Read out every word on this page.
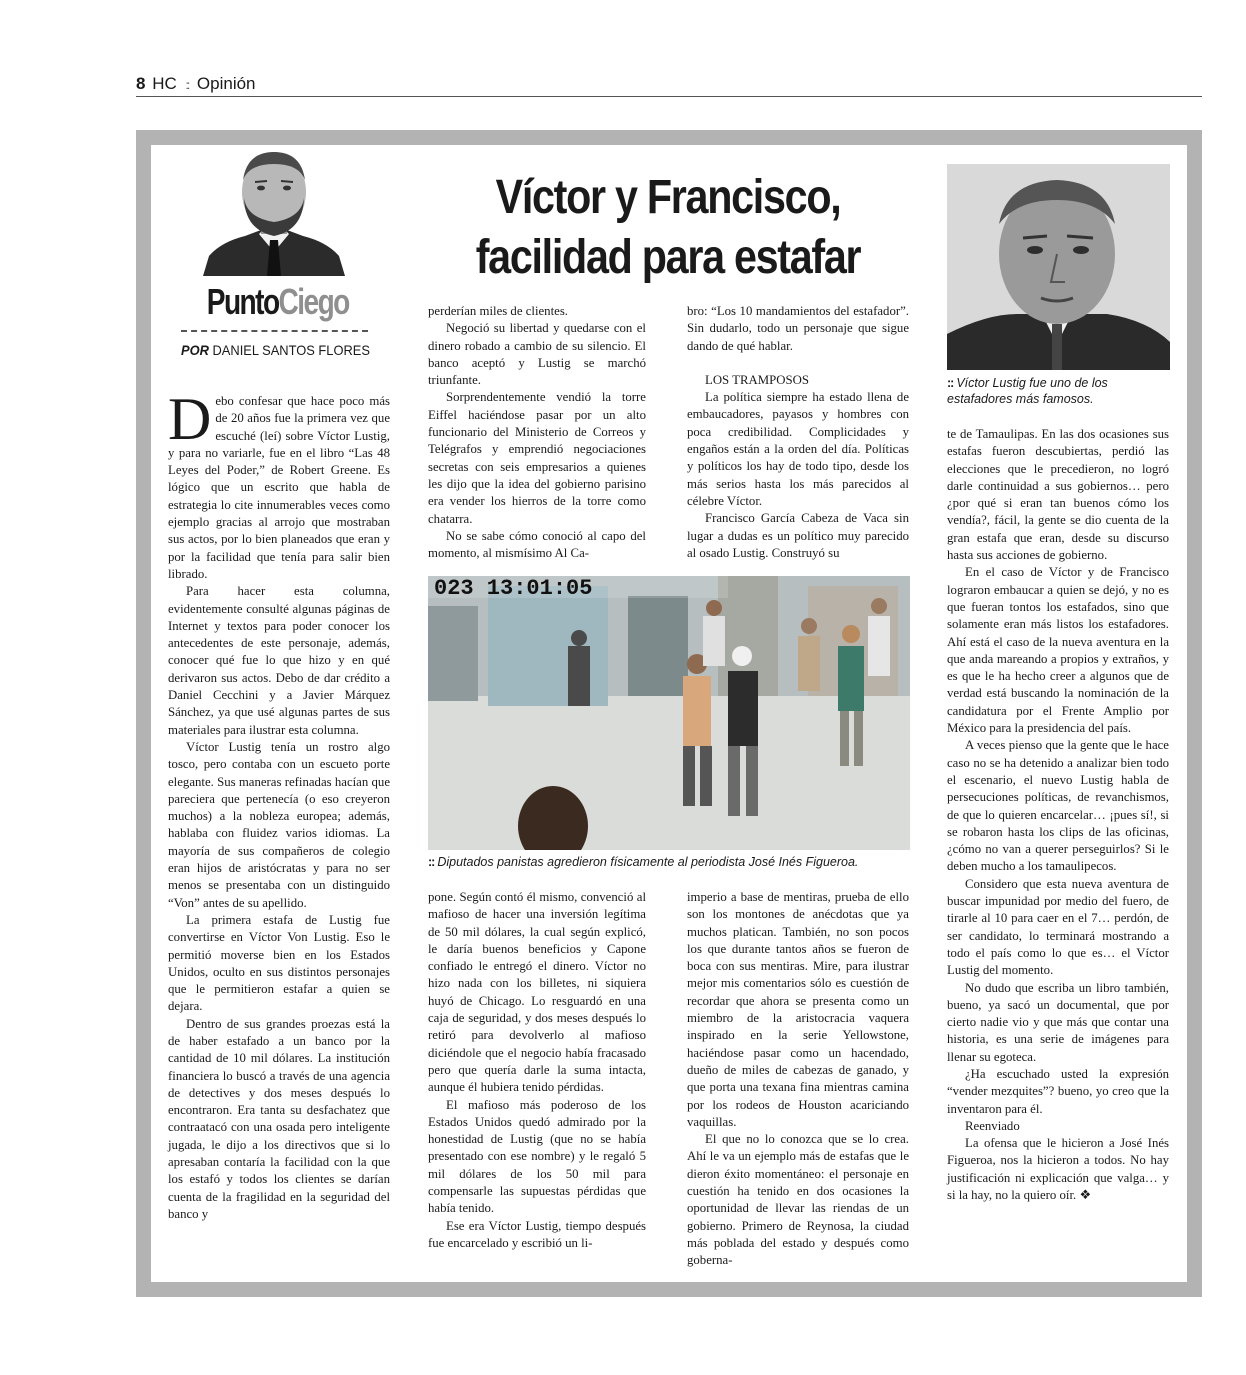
8 HC :: Opinión
PuntoCiego
POR DANIEL SANTOS FLORES
Víctor y Francisco,
facilidad para estafar

Debo confesar que hace poco más de 20 años fue la primera vez que escuché (leí) sobre Víctor Lustig, y para no variarle, fue en el libro “Las 48 Leyes del Poder,” de Robert Greene. Es lógico que un escrito que habla de estrategia lo cite innumerables veces como ejemplo gracias al arrojo que mostraban sus actos, por lo bien planeados que eran y por la facilidad que tenía para salir bien librado.

Para hacer esta columna, evidentemente consulté algunas páginas de Internet y textos para poder conocer los antecedentes de este personaje, además, conocer qué fue lo que hizo y en qué derivaron sus actos. Debo de dar crédito a Daniel Cecchini y a Javier Márquez Sánchez, ya que usé algunas partes de sus materiales para ilustrar esta columna.

Víctor Lustig tenía un rostro algo tosco, pero contaba con un escueto porte elegante. Sus maneras refinadas hacían que pareciera que pertenecía (o eso creyeron muchos) a la nobleza europea; además, hablaba con fluidez varios idiomas. La mayoría de sus compañeros de colegio eran hijos de aristócratas y para no ser menos se presentaba con un distinguido “Von” antes de su apellido.

La primera estafa de Lustig fue convertirse en Víctor Von Lustig. Eso le permitió moverse bien en los Estados Unidos, oculto en sus distintos personajes que le permitieron estafar a quien se dejara.

Dentro de sus grandes proezas está la de haber estafado a un banco por la cantidad de 10 mil dólares. La institución financiera lo buscó a través de una agencia de detectives y dos meses después lo encontraron. Era tanta su desfachatez que contraatacó con una osada pero inteligente jugada, le dijo a los directivos que si lo apresaban contaría la facilidad con la que los estafó y todos los clientes se darían cuenta de la fragilidad en la seguridad del banco y

perderían miles de clientes.

Negoció su libertad y quedarse con el dinero robado a cambio de su silencio. El banco aceptó y Lustig se marchó triunfante.

Sorprendentemente vendió la torre Eiffel haciéndose pasar por un alto funcionario del Ministerio de Correos y Telégrafos y emprendió negociaciones secretas con seis empresarios a quienes les dijo que la idea del gobierno parisino era vender los hierros de la torre como chatarra.

No se sabe cómo conoció al capo del momento, al mismísimo Al Ca-

bro: “Los 10 mandamientos del estafador”. Sin dudarlo, todo un personaje que sigue dando de qué hablar.

LOS TRAMPOSOS

La política siempre ha estado llena de embaucadores, payasos y hombres con poca credibilidad. Complicidades y engaños están a la orden del día. Políticas y políticos los hay de todo tipo, desde los más serios hasta los más parecidos al célebre Víctor.

Francisco García Cabeza de Vaca sin lugar a dudas es un político muy parecido al osado Lustig. Construyó su

023 13:01:05
:: Diputados panistas agredieron físicamente al periodista José Inés Figueroa.
:: Víctor Lustig fue uno de los estafadores más famosos.

pone. Según contó él mismo, convenció al mafioso de hacer una inversión legítima de 50 mil dólares, la cual según explicó, le daría buenos beneficios y Capone confiado le entregó el dinero. Víctor no hizo nada con los billetes, ni siquiera huyó de Chicago. Lo resguardó en una caja de seguridad, y dos meses después lo retiró para devolverlo al mafioso diciéndole que el negocio había fracasado pero que quería darle la suma intacta, aunque él hubiera tenido pérdidas.

El mafioso más poderoso de los Estados Unidos quedó admirado por la honestidad de Lustig (que no se había presentado con ese nombre) y le regaló 5 mil dólares de los 50 mil para compensarle las supuestas pérdidas que había tenido.

Ese era Víctor Lustig, tiempo después fue encarcelado y escribió un li-

imperio a base de mentiras, prueba de ello son los montones de anécdotas que ya muchos platican. También, no son pocos los que durante tantos años se fueron de boca con sus mentiras. Mire, para ilustrar mejor mis comentarios sólo es cuestión de recordar que ahora se presenta como un miembro de la aristocracia vaquera inspirado en la serie Yellowstone, haciéndose pasar como un hacendado, dueño de miles de cabezas de ganado, y que porta una texana fina mientras camina por los rodeos de Houston acariciando vaquillas.

El que no lo conozca que se lo crea. Ahí le va un ejemplo más de estafas que le dieron éxito momentáneo: el personaje en cuestión ha tenido en dos ocasiones la oportunidad de llevar las riendas de un gobierno. Primero de Reynosa, la ciudad más poblada del estado y después como goberna-

te de Tamaulipas. En las dos ocasiones sus estafas fueron descubiertas, perdió las elecciones que le precedieron, no logró darle continuidad a sus gobiernos… pero ¿por qué si eran tan buenos cómo los vendía?, fácil, la gente se dio cuenta de la gran estafa que eran, desde su discurso hasta sus acciones de gobierno.

En el caso de Víctor y de Francisco lograron embaucar a quien se dejó, y no es que fueran tontos los estafados, sino que solamente eran más listos los estafadores. Ahí está el caso de la nueva aventura en la que anda mareando a propios y extraños, y es que le ha hecho creer a algunos que de verdad está buscando la nominación de la candidatura por el Frente Amplio por México para la presidencia del país.

A veces pienso que la gente que le hace caso no se ha detenido a analizar bien todo el escenario, el nuevo Lustig habla de persecuciones políticas, de revanchismos, de que lo quieren encarcelar… ¡pues sí!, si se robaron hasta los clips de las oficinas, ¿cómo no van a querer perseguirlos? Si le deben mucho a los tamaulipecos.

Considero que esta nueva aventura de buscar impunidad por medio del fuero, de tirarle al 10 para caer en el 7… perdón, de ser candidato, lo terminará mostrando a todo el país como lo que es… el Víctor Lustig del momento.

No dudo que escriba un libro también, bueno, ya sacó un documental, que por cierto nadie vio y que más que contar una historia, es una serie de imágenes para llenar su egoteca.

¿Ha escuchado usted la expresión “vender mezquites”? bueno, yo creo que la inventaron para él.

Reenviado

La ofensa que le hicieron a José Inés Figueroa, nos la hicieron a todos. No hay justificación ni explicación que valga… y si la hay, no la quiero oír. ❖
